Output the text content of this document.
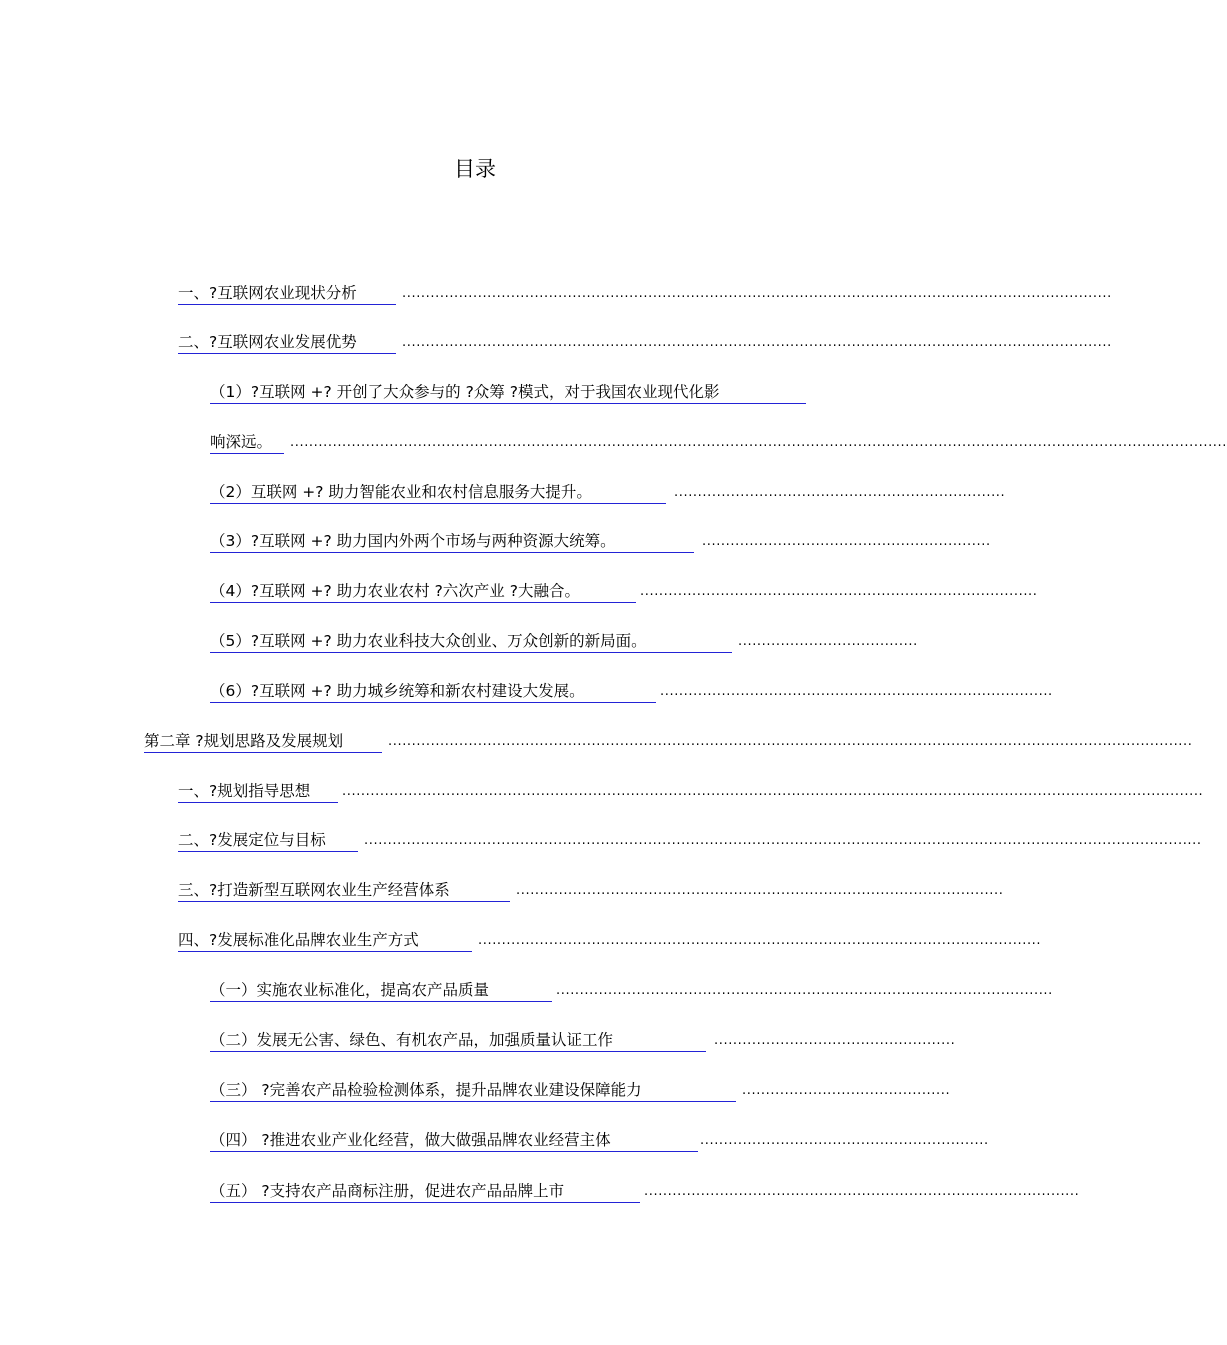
目录
一、?互联网农业现状分析	......................................................................................................................................................
二、?互联网农业发展优势	......................................................................................................................................................
（1）?互联网 +? 开创了大众参与的 ?众筹 ?模式，对于我国农业现代化影
响深远。	......................................................................................................................................................................................................
（2）互联网 +? 助力智能农业和农村信息服务大提升。	......................................................................
（3）?互联网 +? 助力国内外两个市场与两种资源大统筹。	.............................................................
（4）?互联网 +? 助力农业农村 ?六次产业 ?大融合。	....................................................................................
（5）?互联网 +? 助力农业科技大众创业、万众创新的新局面。	......................................
（6）?互联网 +? 助力城乡统筹和新农村建设大发展。	...................................................................................
第二章 ?规划思路及发展规划	..........................................................................................................................................................................
一、?规划指导思想	......................................................................................................................................................................................
二、?发展定位与目标	.................................................................................................................................................................................
三、?打造新型互联网农业生产经营体系	.......................................................................................................
四、?发展标准化品牌农业生产方式	.......................................................................................................................
（一）实施农业标准化，提高农产品质量	.........................................................................................................
（二）发展无公害、绿色、有机农产品，加强质量认证工作	...................................................
（三） ?完善农产品检验检测体系，提升品牌农业建设保障能力	............................................
（四） ?推进农业产业化经营，做大做强品牌农业经营主体	.............................................................
（五） ?支持农产品商标注册，促进农产品品牌上市	............................................................................................
